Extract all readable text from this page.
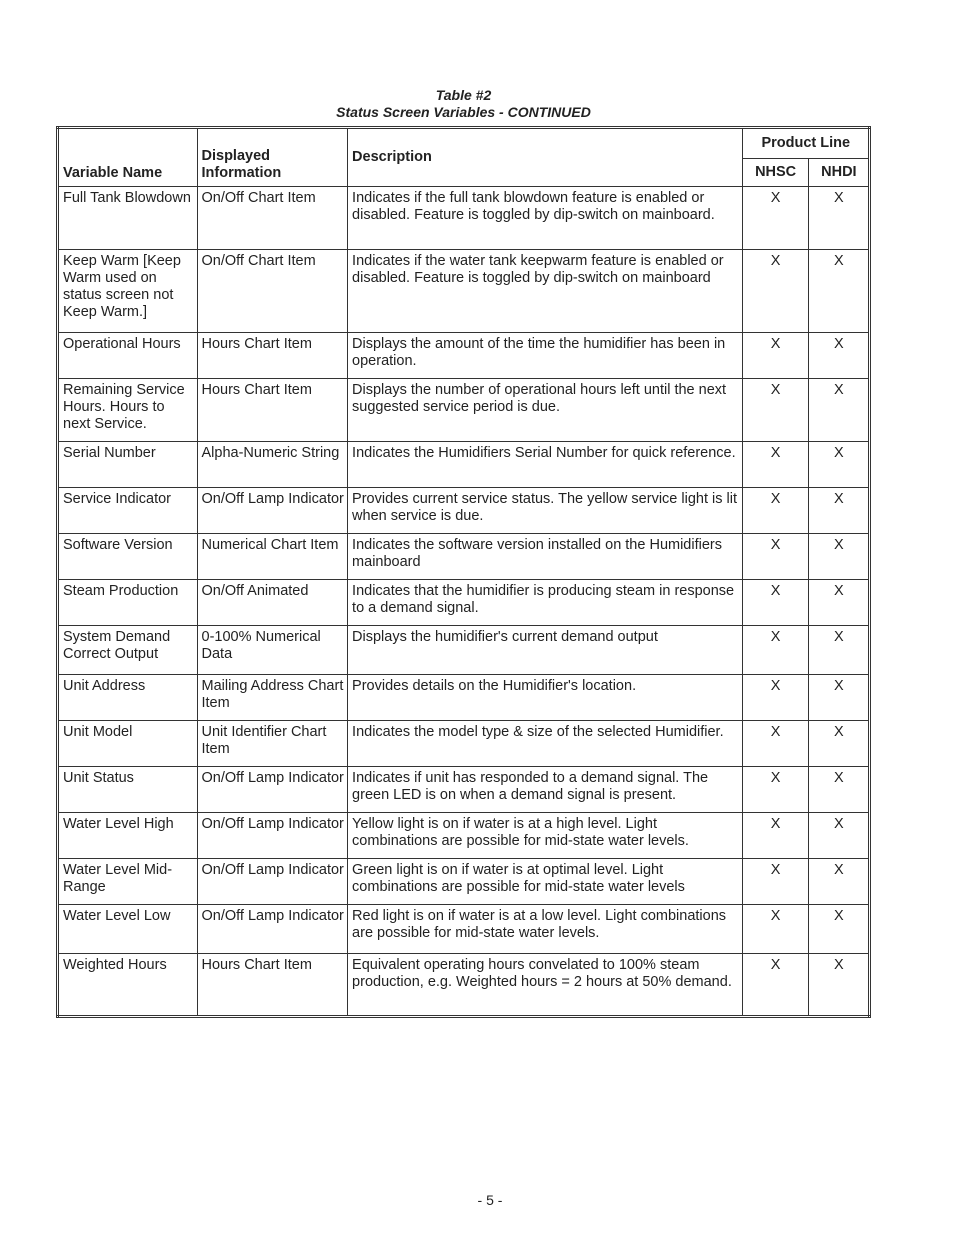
Table #2
Status Screen Variables - CONTINUED
Variable Name	Displayed Information	Description	Product Line	
			NHSC	NHDI
Full Tank Blowdown	On/Off Chart Item	Indicates if the full tank blowdown feature is enabled or disabled. Feature is toggled by dip-switch on mainboard.	X	X
Keep Warm [Keep Warm used on status screen not Keep Warm.]	On/Off Chart Item	Indicates if the water tank keepwarm feature is enabled or disabled. Feature is toggled by dip-switch on mainboard	X	X
Operational Hours	Hours Chart Item	Displays the amount of the time the humidifier has been in operation.	X	X
Remaining Service Hours. Hours to next Service.	Hours Chart Item	Displays the number of operational hours left until the next suggested service period is due.	X	X
Serial Number	Alpha-Numeric String	Indicates the Humidifiers Serial Number for quick reference.	X	X
Service Indicator	On/Off Lamp Indicator	Provides current service status. The yellow service light is lit when service is due.	X	X
Software Version	Numerical Chart Item	Indicates the software version installed on the Humidifiers mainboard	X	X
Steam Production	On/Off Animated	Indicates that the humidifier is producing steam in response to a demand signal.	X	X
System Demand Correct Output	0-100% Numerical Data	Displays the humidifier's current demand output	X	X
Unit Address	Mailing Address Chart Item	Provides details on the Humidifier's location.	X	X
Unit Model	Unit Identifier Chart Item	Indicates the model type & size of the selected Humidifier.	X	X
Unit Status	On/Off Lamp Indicator	Indicates if unit has responded to a demand signal. The green LED is on when a demand signal is present.	X	X
Water Level High	On/Off Lamp Indicator	Yellow light is on if water is at a high level. Light combinations are possible for mid-state water levels.	X	X
Water Level Mid-Range	On/Off Lamp Indicator	Green light is on if water is at optimal level. Light combinations are possible for mid-state water levels	X	X
Water Level Low	On/Off Lamp Indicator	Red light is on if water is at a low level. Light combinations are possible for mid-state water levels.	X	X
Weighted Hours	Hours Chart Item	Equivalent operating hours convelated to 100% steam production, e.g. Weighted hours = 2 hours at 50% demand.	X	X
- 5 -
